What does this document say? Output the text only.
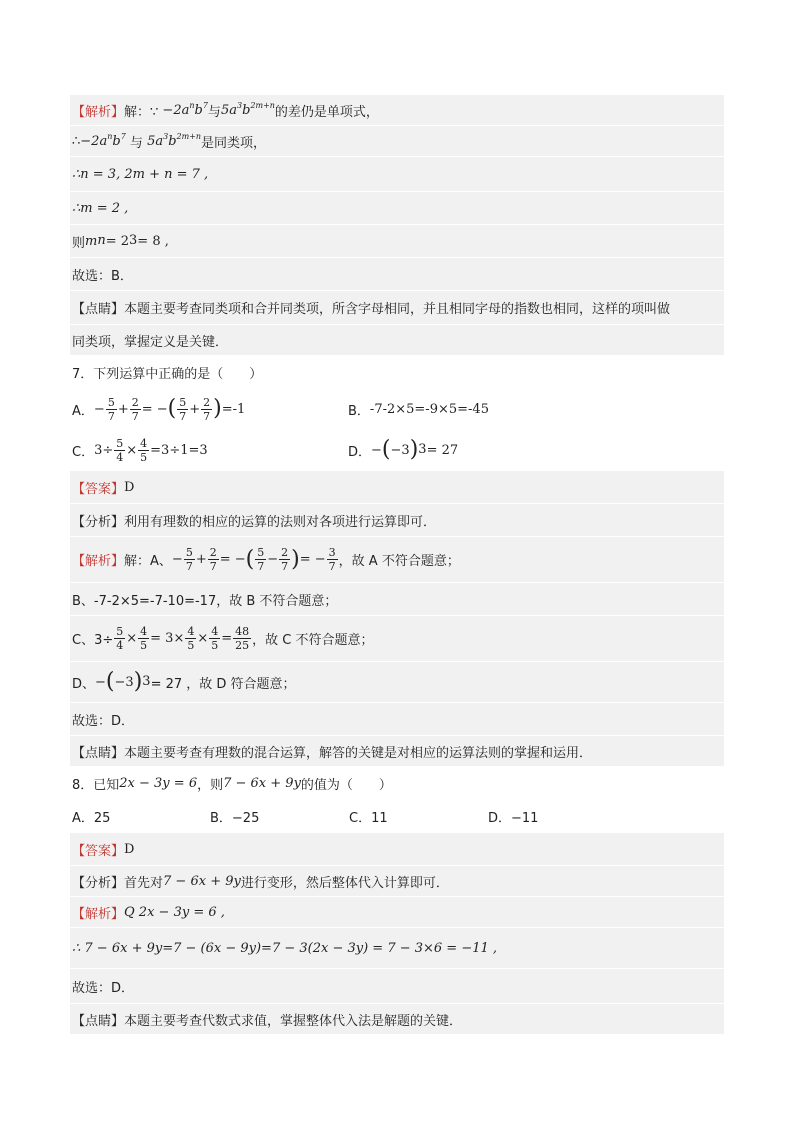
【解析】 解：∵ $-2a^nb^7$ 与 $5a^3b^{2m+n}$ 的差仍是单项式，
∴ $-2a^nb^7$ 与 $5a^3b^{2m+n}$ 是同类项，
∴n = 3, 2m + n = 7 ,
∴m = 2 ,
则 m n = 2 3 = 8 ,
故选：B．
【点睛】 本题主要考查同类项和合并同类项，所含字母相同，并且相同字母的指数也相同，这样的项叫做
同类项，掌握定义是关键．
7．下列运算中正确的是（　　）
A． − $\frac{5}{7} + \frac{2}{7}$ = − ( $\frac{5}{7} + \frac{2}{7}$ ) =-1	B． -7-2×5=-9×5=-45
C． $3\div \frac{5}{4} \times \frac{4}{5} =3\div 1=3$	D． − ( −3 ) 3 = 27
【答案】 D
【分析】 利用有理数的相应的运算的法则对各项进行运算即可．
【解析】 解：A、 − $\frac{5}{7} + \frac{2}{7}$ = − ( $\frac{5}{7} - \frac{2}{7}$ ) = − $\frac{3}{7}$ ，故 A 不符合题意；
B、-7-2×5=-7-10=-17，故 B 不符合题意；
C、$3\div \frac{5}{4} \times \frac{4}{5} = 3\times \frac{4}{5} \times \frac{4}{5} = \frac{48}{25}$ ，故 C 不符合题意；
D、 − ( −3 ) 3 = 27 ，故 D 符合题意；
故选：D．
【点睛】 本题主要考查有理数的混合运算，解答的关键是对相应的运算法则的掌握和运用．
8．已知 2x − 3y = 6 ，则 7 − 6x + 9y 的值为（　　）
A．25	B．−25	C．11	D．−11
【答案】 D
【分析】 首先对 7 − 6x + 9y 进行变形，然后整体代入计算即可．
【解析】 Q 2x − 3y = 6 ,
∴ 7 − 6x + 9y=7 − (6x − 9y)=7 − 3(2x − 3y) = 7 − 3×6 = −11 ,
故选：D．
【点睛】 本题主要考查代数式求值，掌握整体代入法是解题的关键．
